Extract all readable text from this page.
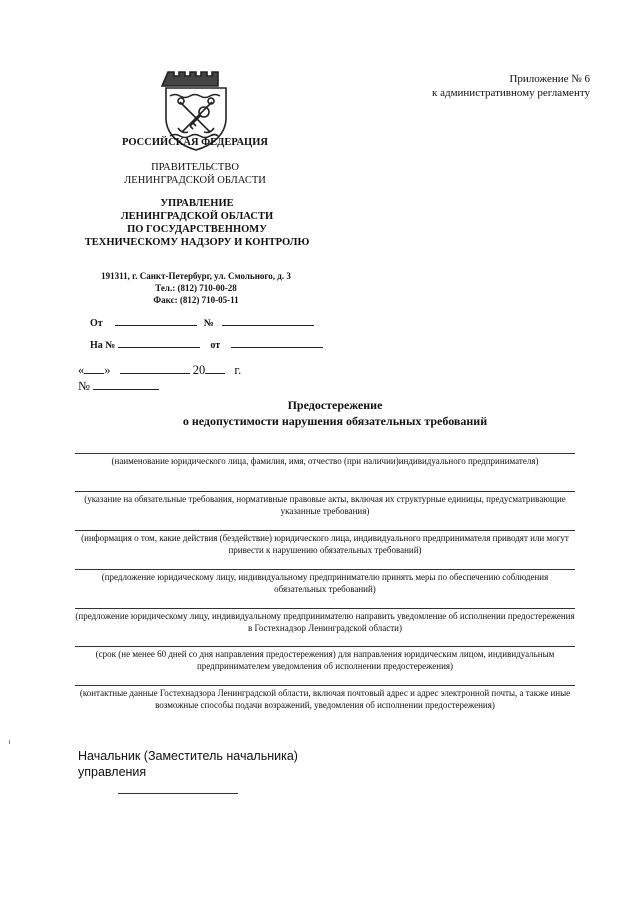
Приложение № 6
к административному регламенту
РОССИЙСКАЯ ФЕДЕРАЦИЯ
ПРАВИТЕЛЬСТВО
ЛЕНИНГРАДСКОЙ ОБЛАСТИ
УПРАВЛЕНИЕ
ЛЕНИНГРАДСКОЙ ОБЛАСТИ
ПО ГОСУДАРСТВЕННОМУ
ТЕХНИЧЕСКОМУ НАДЗОРУ И КОНТРОЛЮ
191311, г. Санкт-Петербург, ул. Смольного, д. 3
Тел.: (812) 710-00-28
Факс: (812) 710-05-11
От	№
На №	от
« »	20 г.
№
Предостережение
о недопустимости нарушения обязательных требований
(наименование юридического лица, фамилия, имя, отчество (при наличии)индивидуального предпринимателя)
(указание на обязательные требования, нормативные правовые акты, включая их структурные единицы, предусматривающие указанные требования)
(информация о том, какие действия (бездействие) юридического лица, индивидуального предпринимателя приводят или могут привести к нарушению обязательных требований)
(предложение юридическому лицу, индивидуальному предпринимателю принять меры по обеспечению соблюдения обязательных требований)
(предложение юридическому лицу, индивидуальному предпринимателю направить уведомление об исполнении предостережения в Гостехнадзор Ленинградской области)
(срок (не менее 60 дней со дня направления предостережения) для направления юридическим лицом, индивидуальным предпринимателем уведомления об исполнении предостережения)
(контактные данные Гостехнадзора Ленинградской области, включая почтовый адрес и адрес электронной почты, а также иные возможные способы подачи возражений, уведомления об исполнении предостережения)
Начальник (Заместитель начальника)
управления
